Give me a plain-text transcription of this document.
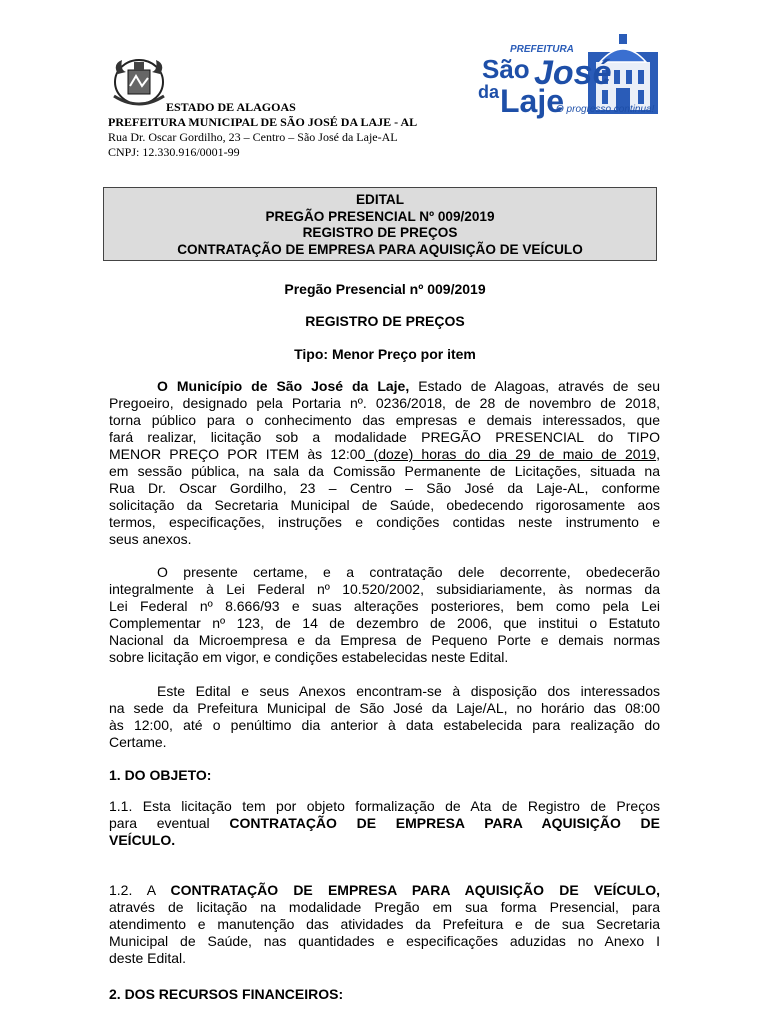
ESTADO DE ALAGOAS
PREFEITURA MUNICIPAL DE SÃO JOSÉ DA LAJE - AL
Rua Dr. Oscar Gordilho, 23 – Centro – São José da Laje-AL
CNPJ: 12.330.916/0001-99
PREFEITURA
São José
da Laje
O progresso continua!
EDITAL
PREGÃO PRESENCIAL Nº 009/2019
REGISTRO DE PREÇOS
CONTRATAÇÃO DE EMPRESA PARA AQUISIÇÃO DE VEÍCULO
Pregão Presencial nº 009/2019
REGISTRO DE PREÇOS
Tipo: Menor Preço por item
O Município de São José da Laje, Estado de Alagoas, através de seu
Pregoeiro, designado pela Portaria nº. 0236/2018, de 28 de novembro de 2018,
torna público para o conhecimento das empresas e demais interessados, que
fará realizar, licitação sob a modalidade PREGÃO PRESENCIAL do TIPO
MENOR PREÇO POR ITEM às 12:00 (doze) horas do dia 29 de maio de 2019,
em sessão pública, na sala da Comissão Permanente de Licitações, situada na
Rua Dr. Oscar Gordilho, 23 – Centro – São José da Laje-AL, conforme
solicitação da Secretaria Municipal de Saúde, obedecendo rigorosamente aos
termos, especificações, instruções e condições contidas neste instrumento e
seus anexos.
O presente certame, e a contratação dele decorrente, obedecerão
integralmente à Lei Federal nº 10.520/2002, subsidiariamente, às normas da
Lei Federal nº 8.666/93 e suas alterações posteriores, bem como pela Lei
Complementar nº 123, de 14 de dezembro de 2006, que institui o Estatuto
Nacional da Microempresa e da Empresa de Pequeno Porte e demais normas
sobre licitação em vigor, e condições estabelecidas neste Edital.
Este Edital e seus Anexos encontram-se à disposição dos interessados
na sede da Prefeitura Municipal de São José da Laje/AL, no horário das 08:00
às 12:00, até o penúltimo dia anterior à data estabelecida para realização do
Certame.
1. DO OBJETO:
1.1. Esta licitação tem por objeto formalização de Ata de Registro de Preços
para eventual CONTRATAÇÃO DE EMPRESA PARA AQUISIÇÃO DE
VEÍCULO.
1.2. A CONTRATAÇÃO DE EMPRESA PARA AQUISIÇÃO DE VEÍCULO,
através de licitação na modalidade Pregão em sua forma Presencial, para
atendimento e manutenção das atividades da Prefeitura e de sua Secretaria
Municipal de Saúde, nas quantidades e especificações aduzidas no Anexo I
deste Edital.
2. DOS RECURSOS FINANCEIROS:
